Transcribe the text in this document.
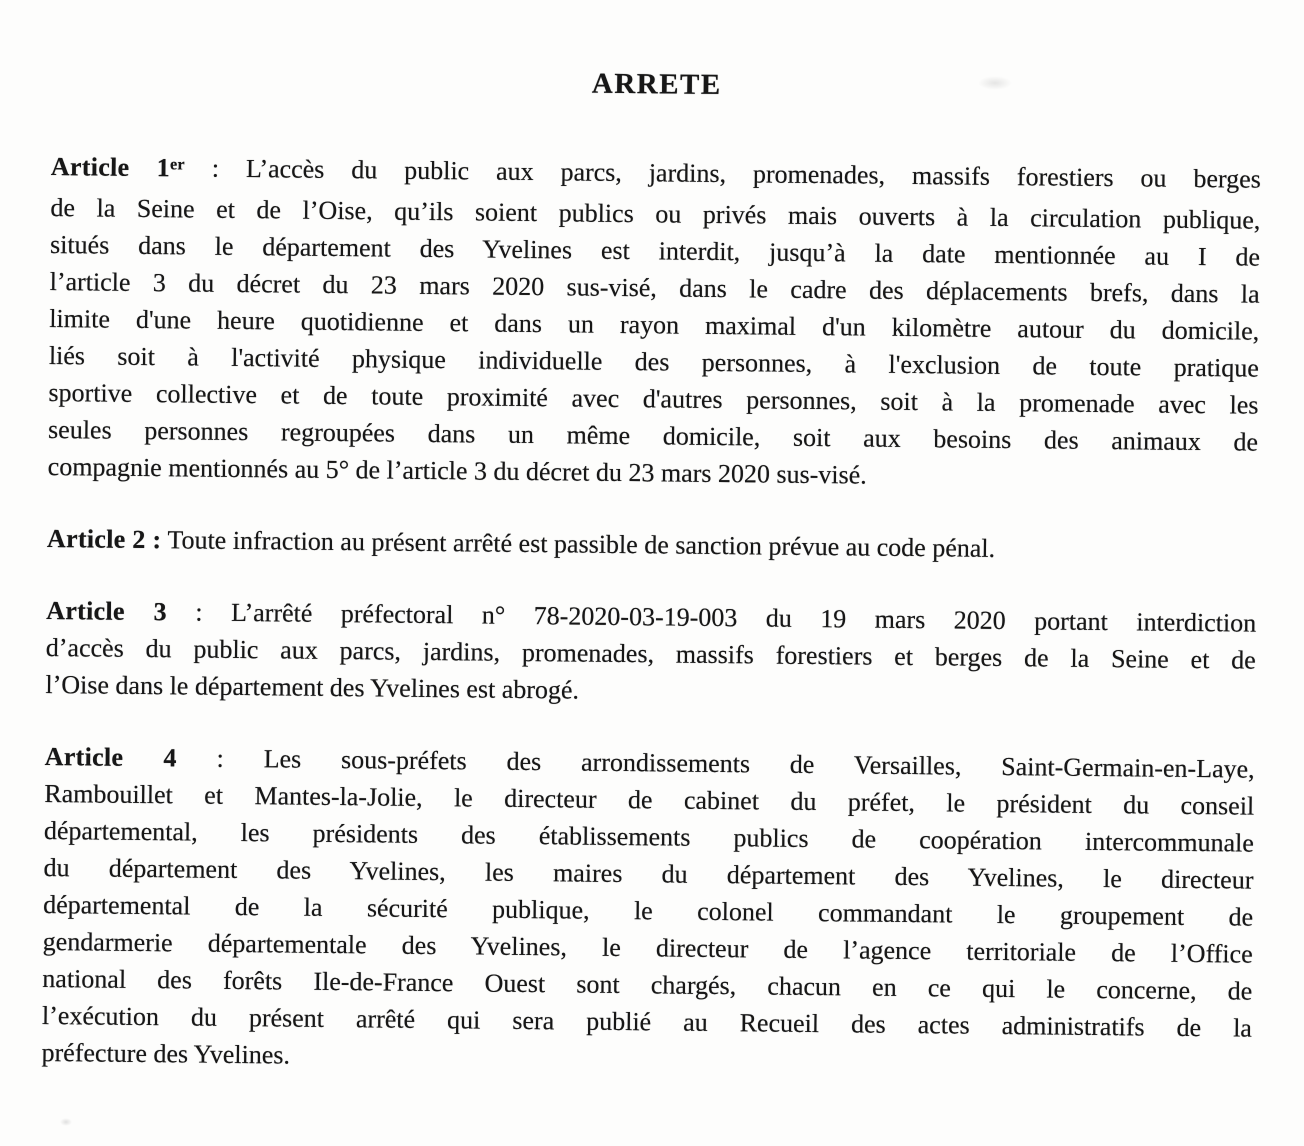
ARRETE

Article 1er : L’accès du public aux parcs, jardins, promenades, massifs forestiers ou berges
de la Seine et de l’Oise, qu’ils soient publics ou privés mais ouverts à la circulation publique,
situés dans le département des Yvelines est interdit, jusqu’à la date mentionnée au I de
l’article 3 du décret du 23 mars 2020 sus-visé, dans le cadre des déplacements brefs, dans la
limite d'une heure quotidienne et dans un rayon maximal d'un kilomètre autour du domicile,
liés soit à l'activité physique individuelle des personnes, à l'exclusion de toute pratique
sportive collective et de toute proximité avec d'autres personnes, soit à la promenade avec les
seules personnes regroupées dans un même domicile, soit aux besoins des animaux de
compagnie mentionnés au 5° de l’article 3 du décret du 23 mars 2020 sus-visé.

Article 2 : Toute infraction au présent arrêté est passible de sanction prévue au code pénal.

Article 3 : L’arrêté préfectoral n° 78-2020-03-19-003 du 19 mars 2020 portant interdiction
d’accès du public aux parcs, jardins, promenades, massifs forestiers et berges de la Seine et de
l’Oise dans le département des Yvelines est abrogé.

Article 4 : Les sous-préfets des arrondissements de Versailles, Saint-Germain-en-Laye,
Rambouillet et Mantes-la-Jolie, le directeur de cabinet du préfet, le président du conseil
départemental, les présidents des établissements publics de coopération intercommunale
du département des Yvelines, les maires du département des Yvelines, le directeur
départemental de la sécurité publique, le colonel commandant le groupement de
gendarmerie départementale des Yvelines, le directeur de l’agence territoriale de l’Office
national des forêts Ile-de-France Ouest sont chargés, chacun en ce qui le concerne, de
l’exécution du présent arrêté qui sera publié au Recueil des actes administratifs de la
préfecture des Yvelines.
